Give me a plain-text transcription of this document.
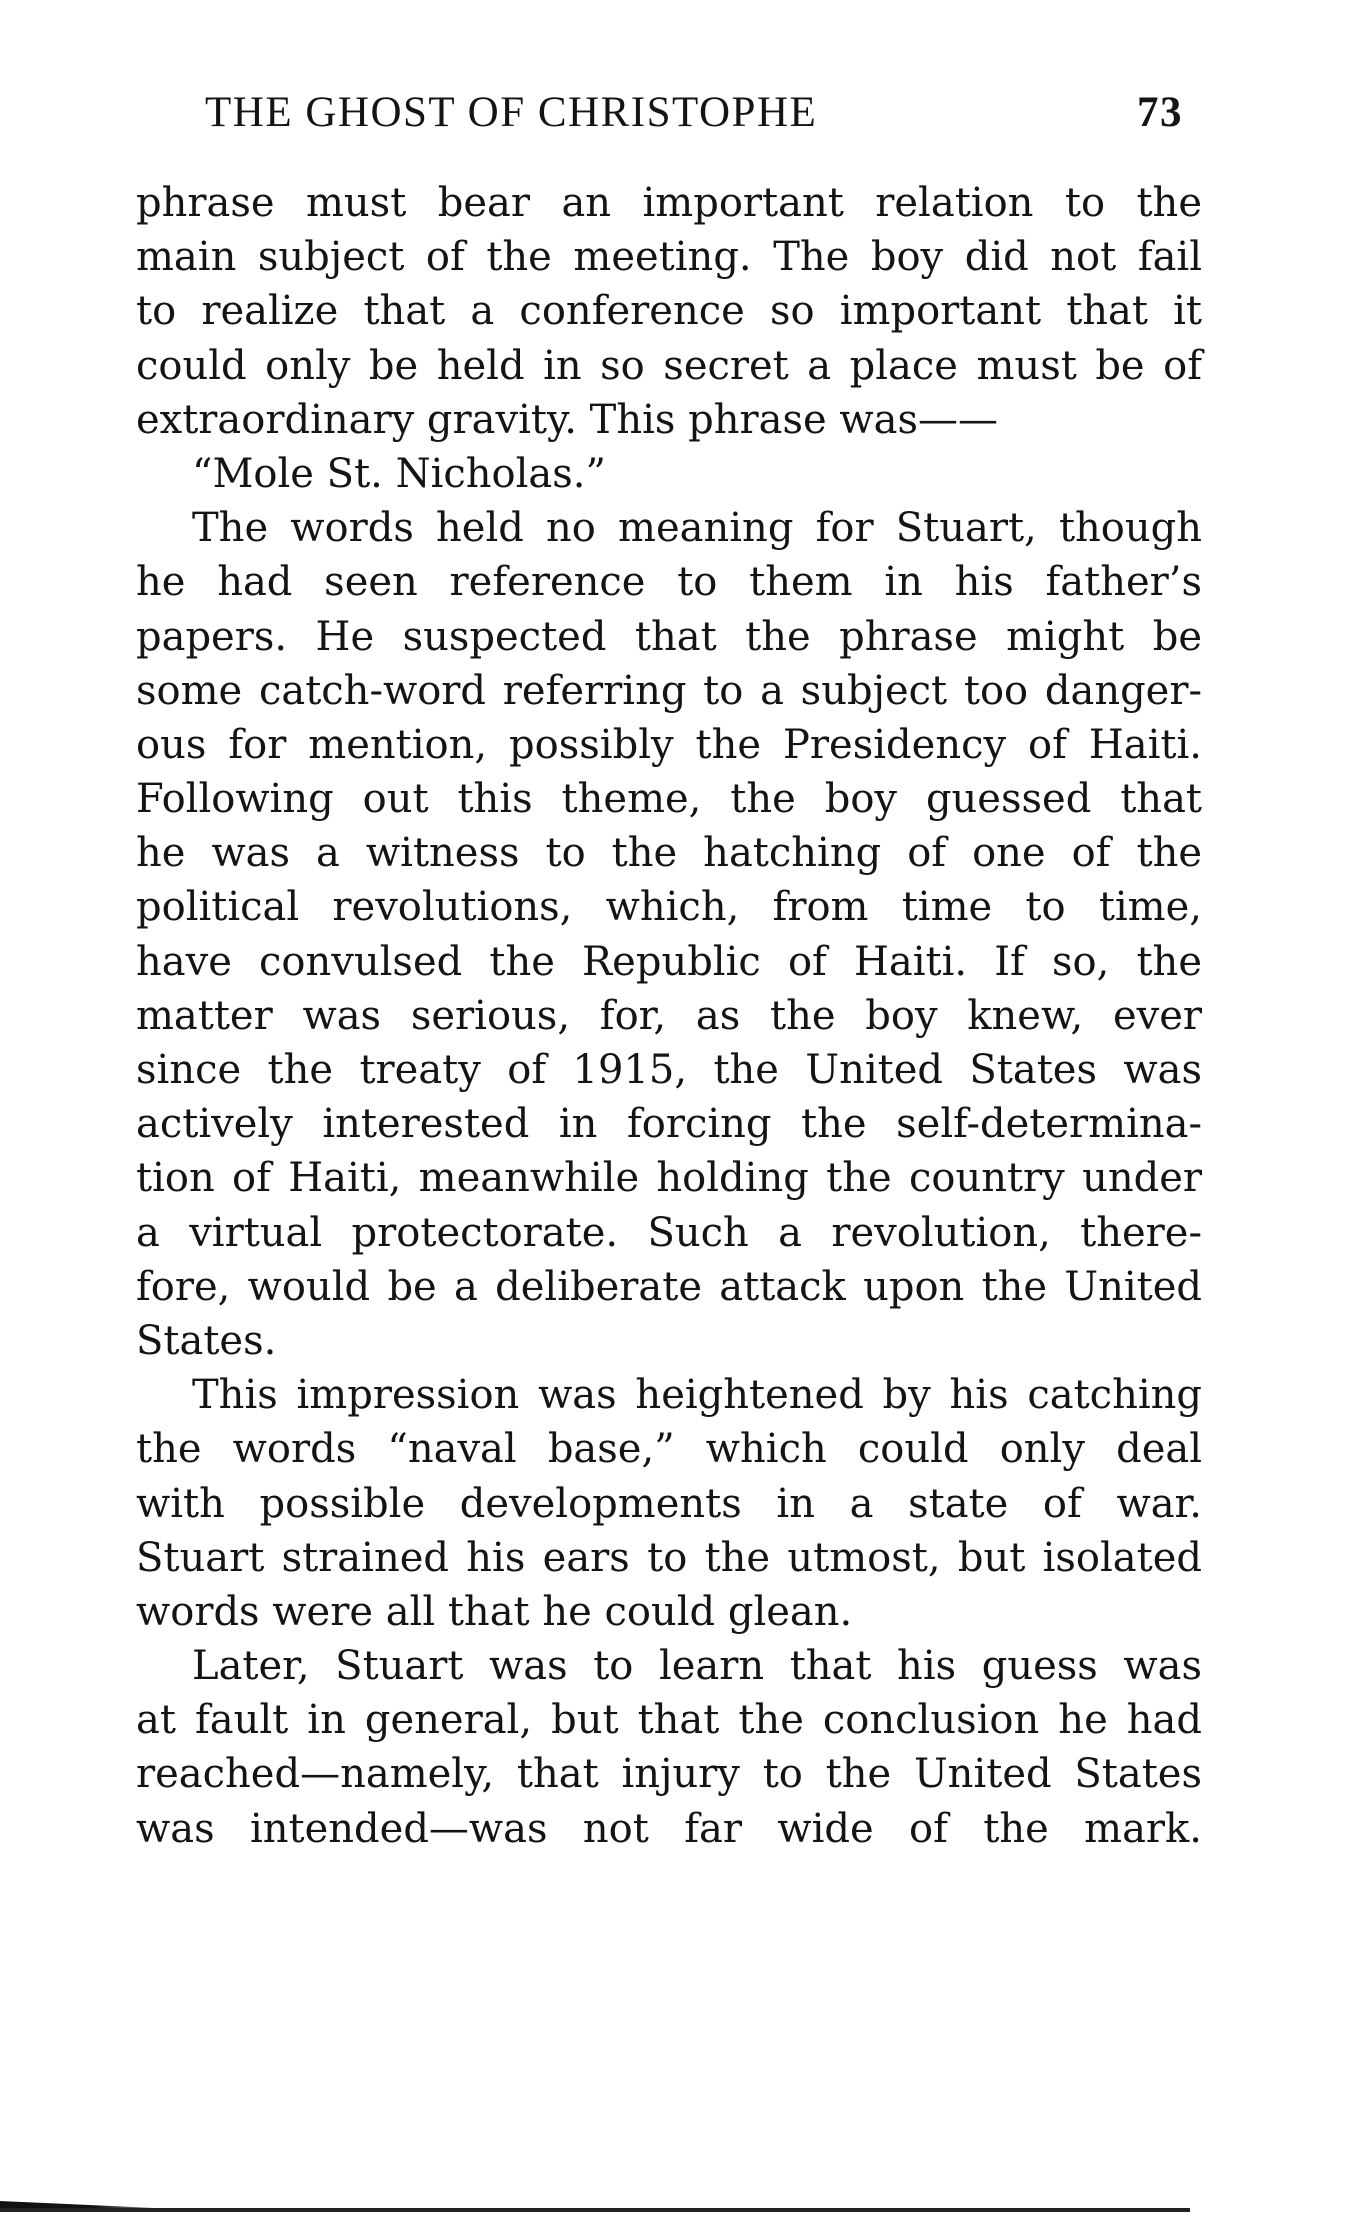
THE GHOST OF CHRISTOPHE	73
phrase must bear an important relation to the
main subject of the meeting. The boy did not fail
to realize that a conference so important that it
could only be held in so secret a place must be of
extraordinary gravity. This phrase was——
“Mole St. Nicholas.”
The words held no meaning for Stuart, though
he had seen reference to them in his father’s
papers. He suspected that the phrase might be
some catch-word referring to a subject too danger-
ous for mention, possibly the Presidency of Haiti.
Following out this theme, the boy guessed that
he was a witness to the hatching of one of the
political revolutions, which, from time to time,
have convulsed the Republic of Haiti. If so, the
matter was serious, for, as the boy knew, ever
since the treaty of 1915, the United States was
actively interested in forcing the self-determina-
tion of Haiti, meanwhile holding the country under
a virtual protectorate. Such a revolution, there-
fore, would be a deliberate attack upon the United
States.
This impression was heightened by his catching
the words “naval base,” which could only deal
with possible developments in a state of war.
Stuart strained his ears to the utmost, but isolated
words were all that he could glean.
Later, Stuart was to learn that his guess was
at fault in general, but that the conclusion he had
reached—namely, that injury to the United States
was intended—was not far wide of the mark.
